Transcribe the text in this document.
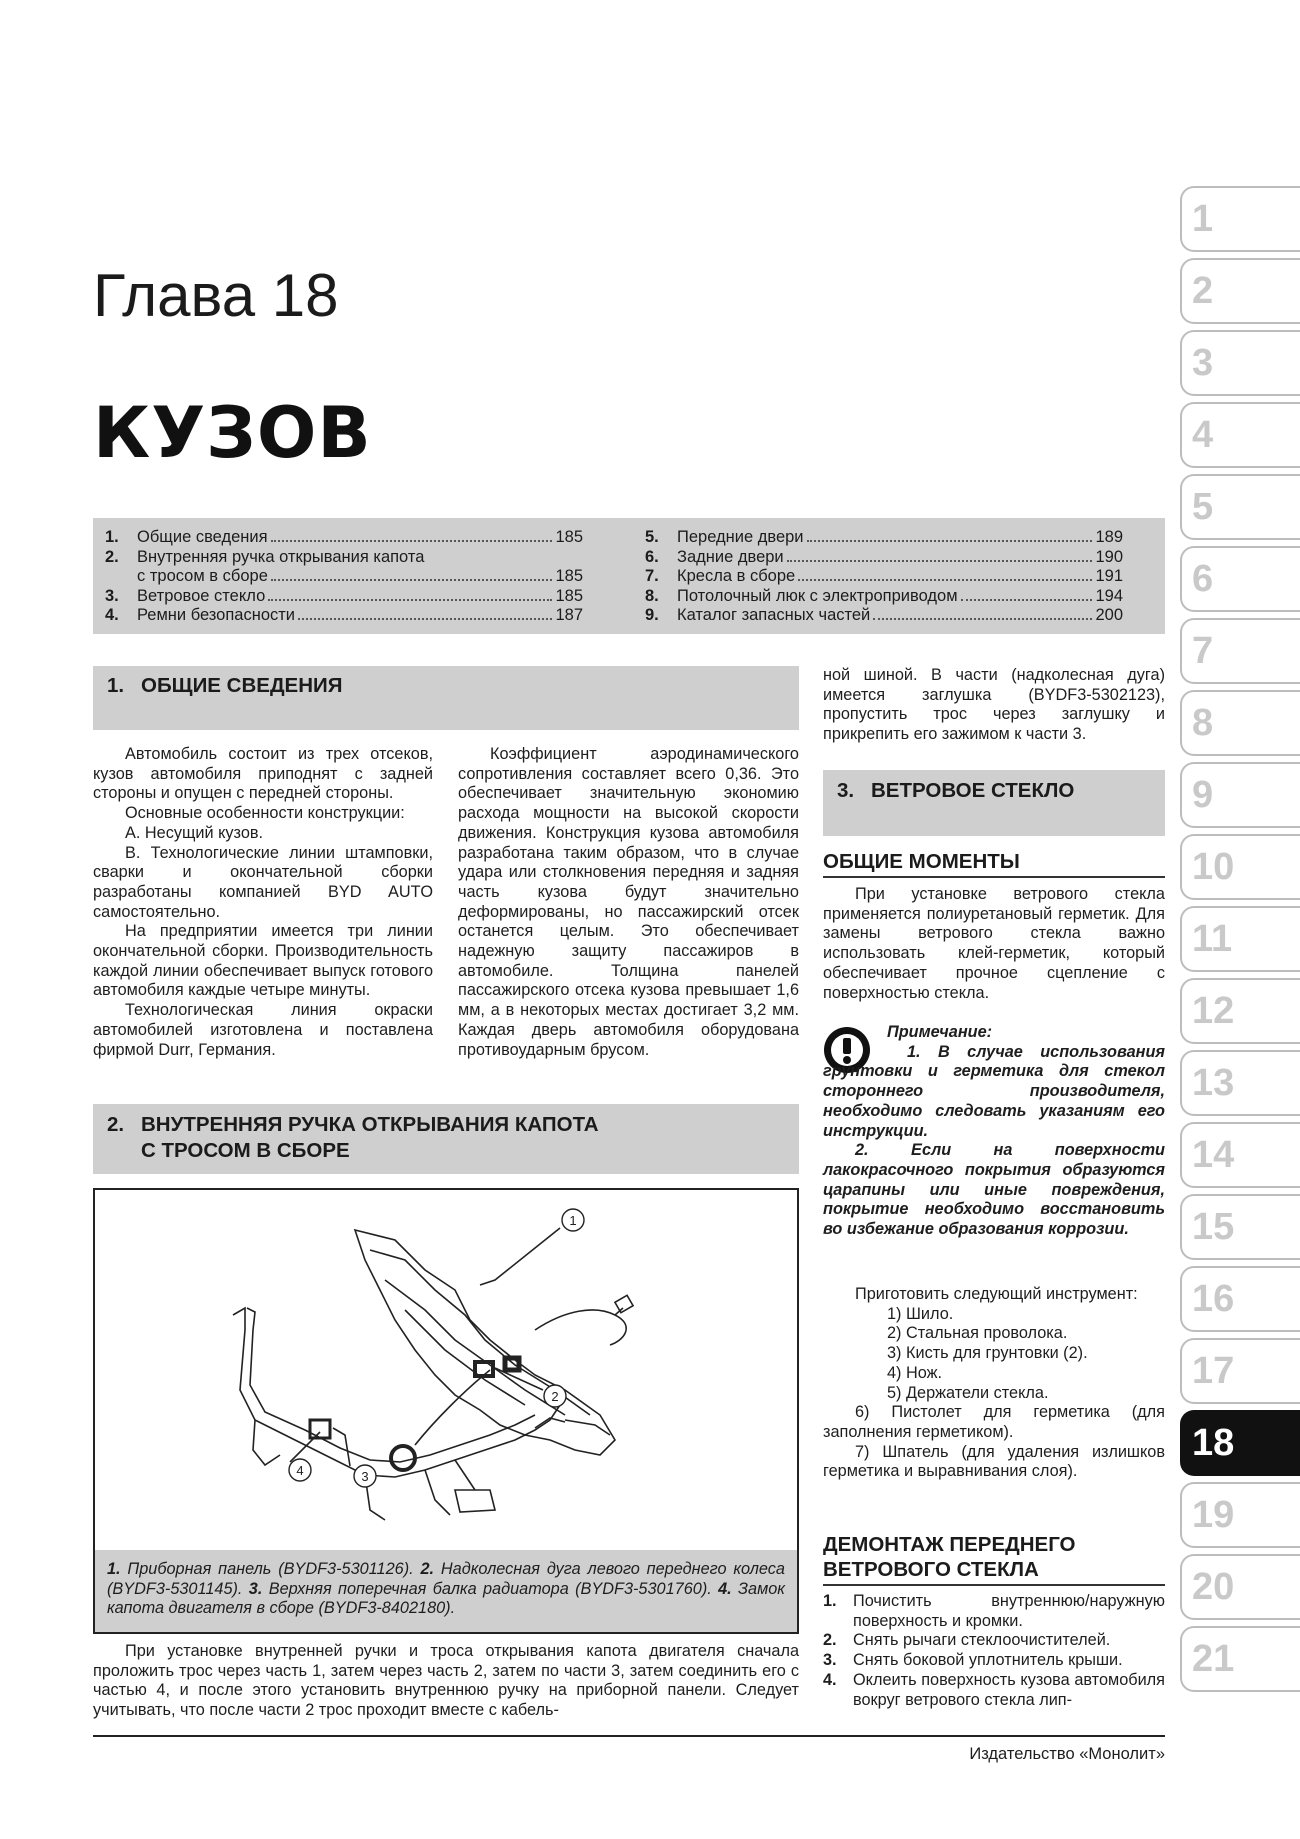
Глава 18
КУЗОВ
1.	Общие сведения	185
2.	Внутренняя ручка открывания капота
с тросом в сборе	185
3.	Ветровое стекло	185
4.	Ремни безопасности	187
5.	Передние двери	189
6.	Задние двери	190
7.	Кресла в сборе	191
8.	Потолочный люк с электроприводом	194
9.	Каталог запасных частей	200
1. ОБЩИЕ СВЕДЕНИЯ

Автомобиль состоит из трех отсеков, кузов автомобиля приподнят с задней стороны и опущен с передней стороны.

Основные особенности конструкции:

А. Несущий кузов.

В. Технологические линии штамповки, сварки и окончательной сборки разработаны компанией BYD AUTO самостоятельно.

На предприятии имеется три линии окончательной сборки. Производительность каждой линии обеспечивает выпуск готового автомобиля каждые четыре минуты.

Технологическая линия окраски автомобилей изготовлена и поставлена фирмой Durr, Германия.

Коэффициент аэродинамического сопротивления составляет всего 0,36. Это обеспечивает значительную экономию расхода мощности на высокой скорости движения. Конструкция кузова автомобиля разработана таким образом, что в случае удара или столкновения передняя и задняя часть кузова будут значительно деформированы, но пассажирский отсек останется целым. Это обеспечивает надежную защиту пассажиров в автомобиле. Толщина панелей пассажирского отсека кузова превышает 1,6 мм, а в некоторых местах достигает 3,2 мм. Каждая дверь автомобиля оборудована противоударным брусом.

2. ВНУТРЕННЯЯ РУЧКА ОТКРЫВАНИЯ КАПОТА
С ТРОСОМ В СБОРЕ
1
2
3
4
1. Приборная панель (BYDF3-5301126). 2. Надколесная дуга левого переднего колеса (BYDF3-5301145). 3. Верхняя поперечная балка радиатора (BYDF3-5301760). 4. Замок капота двигателя в сборе (BYDF3-8402180).

При установке внутренней ручки и троса открывания капота двигателя сначала проложить трос через часть 1, затем через часть 2, затем по части 3, затем соединить его с частью 4, и после этого установить внутреннюю ручку на приборной панели. Следует учитывать, что после части 2 трос проходит вместе с кабель-

ной шиной. В части (надколесная дуга) имеется заглушка (BYDF3-5302123), пропустить трос через заглушку и прикрепить его зажимом к части 3.

3. ВЕТРОВОЕ СТЕКЛО
ОБЩИЕ МОМЕНТЫ

При установке ветрового стекла применяется полиуретановый герметик. Для замены ветрового стекла важно использовать клей-герметик, который обеспечивает прочное сцепление с поверхностью стекла.

Примечание:

1. В случае использования грунтовки и герметика для стекол стороннего производителя, необходимо следовать указаниям его инструкции.

2. Если на поверхности лакокрасочного покрытия образуются царапины или иные повреждения, покрытие необходимо восстановить во избежание образования коррозии.

Приготовить следующий инструмент:

1) Шило.

2) Стальная проволока.

3) Кисть для грунтовки (2).

4) Нож.

5) Держатели стекла.

6) Пистолет для герметика (для заполнения герметиком).

7) Шпатель (для удаления излишков герметика и выравнивания слоя).

ДЕМОНТАЖ ПЕРЕДНЕГО
ВЕТРОВОГО СТЕКЛА
1.	Почистить внутреннюю/наружную поверхность и кромки.
2.	Снять рычаги стеклоочистителей.
3.	Снять боковой уплотнитель крыши.
4.	Оклеить поверхность кузова автомобиля вокруг ветрового стекла лип-
1
2
3
4
5
6
7
8
9
10
11
12
13
14
15
16
17
18
19
20
21
Издательство «Монолит»
